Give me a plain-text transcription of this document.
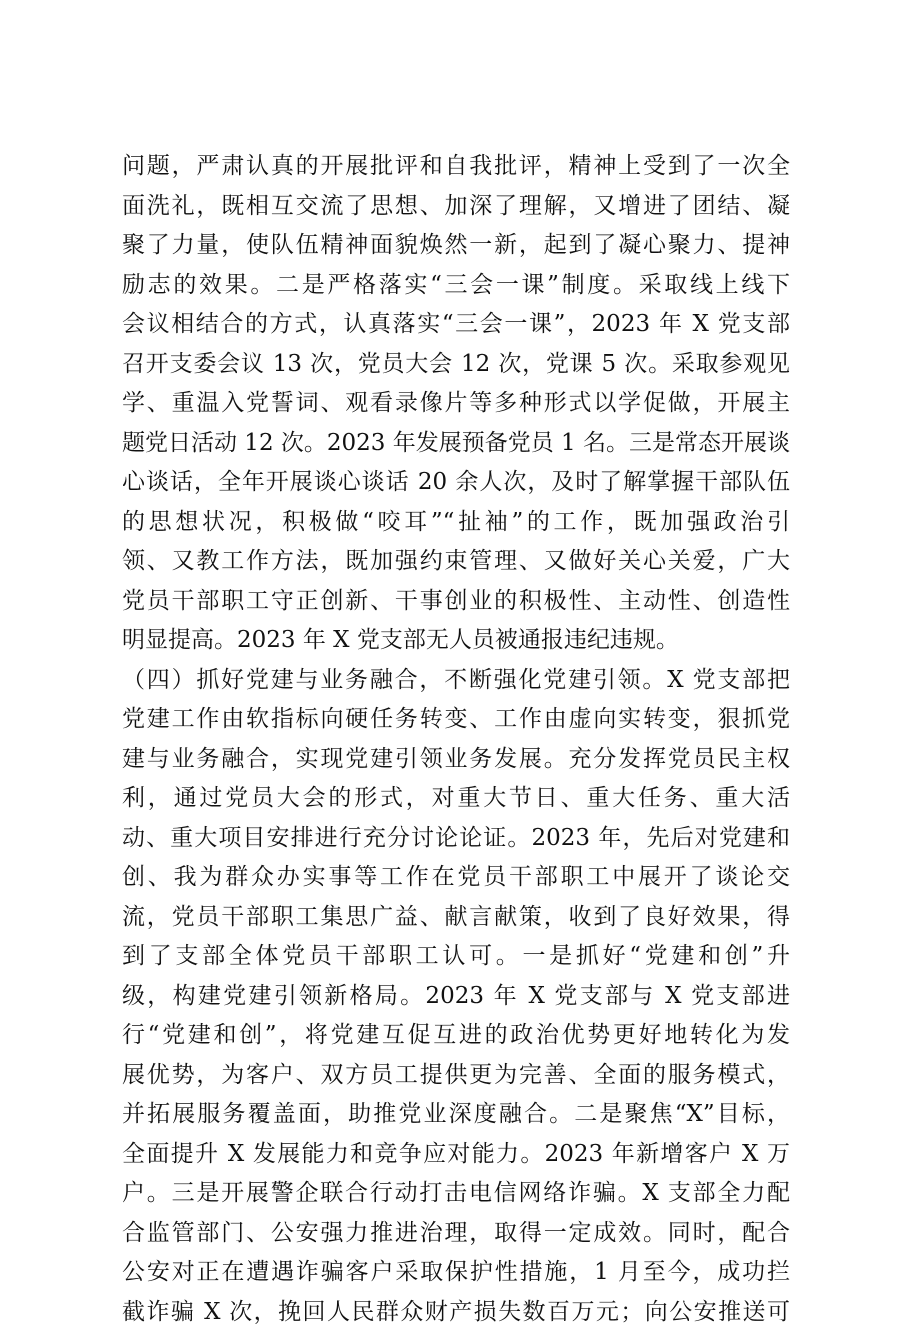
问题，严肃认真的开展批评和自我批评，精神上受到了一次全
面洗礼，既相互交流了思想、加深了理解，又增进了团结、凝
聚了力量，使队伍精神面貌焕然一新，起到了凝心聚力、提神
励志的效果。二是严格落实“三会一课”制度。采取线上线下
会议相结合的方式，认真落实“三会一课”，2023 年 X 党支部
召开支委会议 13 次，党员大会 12 次，党课 5 次。采取参观见
学、重温入党誓词、观看录像片等多种形式以学促做，开展主
题党日活动 12 次。2023 年发展预备党员 1 名。三是常态开展谈
心谈话，全年开展谈心谈话 20 余人次，及时了解掌握干部队伍
的思想状况，积极做“咬耳”“扯袖”的工作，既加强政治引
领、又教工作方法，既加强约束管理、又做好关心关爱，广大
党员干部职工守正创新、干事创业的积极性、主动性、创造性
明显提高。2023 年 X 党支部无人员被通报违纪违规。
（四）抓好党建与业务融合，不断强化党建引领。X 党支部把
党建工作由软指标向硬任务转变、工作由虚向实转变，狠抓党
建与业务融合，实现党建引领业务发展。充分发挥党员民主权
利，通过党员大会的形式，对重大节日、重大任务、重大活
动、重大项目安排进行充分讨论论证。2023 年，先后对党建和
创、我为群众办实事等工作在党员干部职工中展开了谈论交
流，党员干部职工集思广益、献言献策，收到了良好效果，得
到了支部全体党员干部职工认可。一是抓好“党建和创”升
级，构建党建引领新格局。2023 年 X 党支部与 X 党支部进
行“党建和创”，将党建互促互进的政治优势更好地转化为发
展优势，为客户、双方员工提供更为完善、全面的服务模式，
并拓展服务覆盖面，助推党业深度融合。二是聚焦“X”目标，
全面提升 X 发展能力和竞争应对能力。2023 年新增客户 X 万
户。三是开展警企联合行动打击电信网络诈骗。X 支部全力配
合监管部门、公安强力推进治理，取得一定成效。同时，配合
公安对正在遭遇诈骗客户采取保护性措施，1 月至今，成功拦
截诈骗 X 次，挽回人民群众财产损失数百万元；向公安推送可
